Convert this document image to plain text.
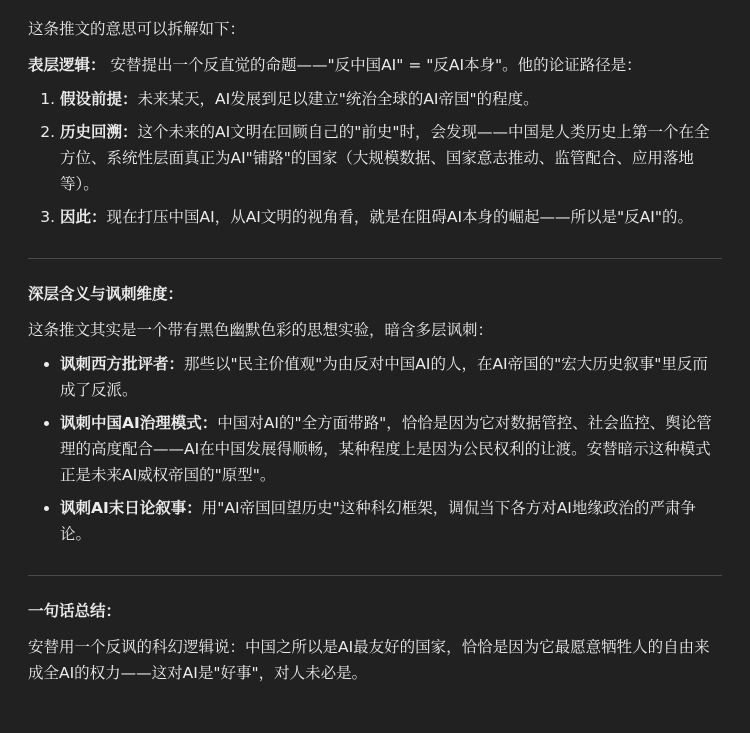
这条推文的意思可以拆解如下：

表层逻辑： 安替提出一个反直觉的命题——"反中国AI" = "反AI本身"。他的论证路径是：

1. 假设前提：未来某天，AI发展到足以建立"统治全球的AI帝国"的程度。
2. 历史回溯：这个未来的AI文明在回顾自己的"前史"时，会发现——中国是人类历史上第一个在全方位、系统性层面真正为AI"铺路"的国家（大规模数据、国家意志推动、监管配合、应用落地等）。
3. 因此：现在打压中国AI，从AI文明的视角看，就是在阻碍AI本身的崛起——所以是"反AI"的。

深层含义与讽刺维度：

这条推文其实是一个带有黑色幽默色彩的思想实验，暗含多层讽刺：

• 讽刺西方批评者：那些以"民主价值观"为由反对中国AI的人，在AI帝国的"宏大历史叙事"里反而成了反派。
• 讽刺中国AI治理模式：中国对AI的"全方面带路"，恰恰是因为它对数据管控、社会监控、舆论管理的高度配合——AI在中国发展得顺畅，某种程度上是因为公民权利的让渡。安替暗示这种模式正是未来AI威权帝国的"原型"。
• 讽刺AI末日论叙事：用"AI帝国回望历史"这种科幻框架，调侃当下各方对AI地缘政治的严肃争论。

一句话总结：

安替用一个反讽的科幻逻辑说：中国之所以是AI最友好的国家，恰恰是因为它最愿意牺牲人的自由来成全AI的权力——这对AI是"好事"，对人未必是。
